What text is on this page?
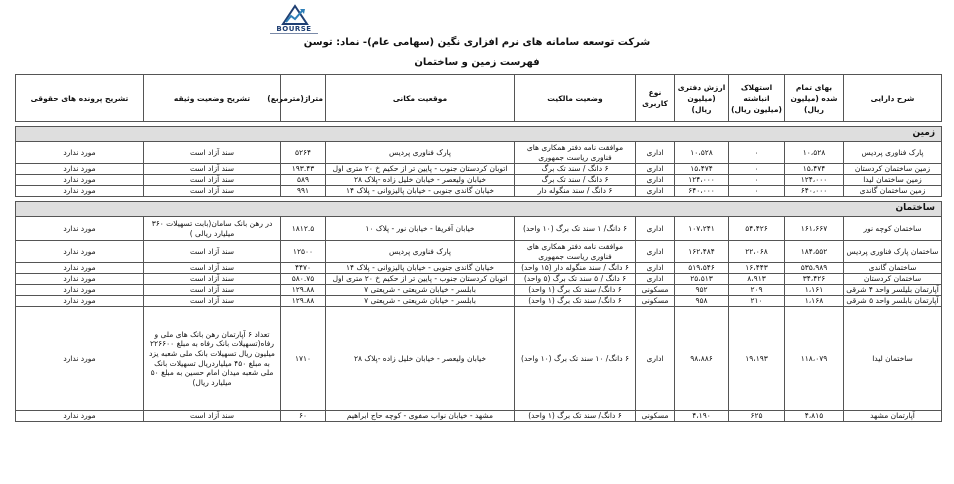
BOURSE
شرکت توسعه سامانه های نرم افزاری نگین (سهامی عام)- نماد: توسن
فهرست زمین و ساختمان
شرح دارایی	بهای تمام شده (میلیون ریال)	استهلاک انباشته (میلیون ریال)	ارزش دفتری (میلیون ریال)	نوع کاربری	وضعیت مالکیت	موقعیت مکانی	متراژ(مترمربع)	تشریح وضعیت وثیقه	تشریح پرونده های حقوقی

زمین									
پارک فناوری پردیس	۱۰،۵۲۸	۰	۱۰،۵۲۸	اداری	موافقت نامه دفتر همکاری های فناوری ریاست جمهوری	پارک فناوری پردیس	۵۲۶۴	سند آزاد است	مورد ندارد
زمین ساختمان کردستان	۱۵،۴۷۴	۰	۱۵،۴۷۴	اداری	۶ دانگ / سند تک برگ	اتوبان کردستان جنوب - پایین تر از حکیم خ ۲۰ متری اول	۱۹۳.۴۳	سند آزاد است	مورد ندارد
زمین ساختمان لیدا	۱۲۴،۰۰۰	۰	۱۲۴،۰۰۰	اداری	۶ دانگ / سند تک برگ	خیابان ولیعصر - خیابان خلیل زاده -پلاک ۲۸	۵۸۹	سند آزاد است	مورد ندارد
زمین ساختمان گاندی	۶۴۰،۰۰۰	۰	۶۴۰،۰۰۰	اداری	۶ دانگ / سند منگوله دار	خیابان گاندی جنوبی - خیابان پالیزوانی - پلاک ۱۴	۹۹۱	سند آزاد است	مورد ندارد

ساختمان									
ساختمان کوچه نور	۱۶۱،۶۶۷	۵۴،۴۲۶	۱۰۷،۲۴۱	اداری	۶ دانگ/ ۱ سند تک برگ (۱۰ واحد)	خیابان آفریقا - خیابان نور - پلاک ۱۰	۱۸۱۲.۵	در رهن بانک سامان(بابت تسهیلات ۳۶۰ میلیارد ریالی )	مورد ندارد
ساختمان پارک فناوری پردیس	۱۸۴،۵۵۲	۲۲،۰۶۸	۱۶۲،۴۸۴	اداری	موافقت نامه دفتر همکاری های فناوری ریاست جمهوری	پارک فناوری پردیس	۱۲۵۰۰	سند آزاد است	مورد ندارد
ساختمان گاندی	۵۳۵،۹۸۹	۱۶،۴۴۳	۵۱۹،۵۴۶	اداری	۶ دانگ / سند منگوله دار (۱۵ واحد)	خیابان گاندی جنوبی - خیابان پالیزوانی - پلاک ۱۴	۴۴۷۰	سند آزاد است	مورد ندارد
ساختمان کردستان	۳۴،۴۲۶	۸،۹۱۳	۲۵،۵۱۳	اداری	۶ دانگ / ۵ سند تک برگ (۵ واحد)	اتوبان کردستان جنوب - پایین تر از حکیم خ ۲۰ متری اول	۵۸۰.۷۵	سند آزاد است	مورد ندارد
آپارتمان بلیلسر واحد ۴ شرقی	۱،۱۶۱	۲۰۹	۹۵۲	مسکونی	۶ دانگ/ سند تک برگ (۱ واحد)	بابلسر - خیابان شریعتی - شریعتی ۷	۱۲۹.۸۸	سند آزاد است	مورد ندارد
آپارتمان بابلسر واحد ۵ شرقی	۱،۱۶۸	۲۱۰	۹۵۸	مسکونی	۶ دانگ/ سند تک برگ (۱ واحد)	بابلسر - خیابان شریعتی - شریعتی ۷	۱۲۹.۸۸	سند آزاد است	مورد ندارد
ساختمان لیدا	۱۱۸،۰۷۹	۱۹،۱۹۳	۹۸،۸۸۶	اداری	۶ دانگ/ ۱۰ سند تک برگ (۱۰ واحد)	خیابان ولیعصر - خیابان خلیل زاده -پلاک ۲۸	۱۷۱۰	تعداد ۶ آپارتمان رهن بانک های ملی و رفاه(تسهیلات بانک رفاه به مبلغ ۲۲۶۶۰۰ میلیون ریال تسهیلات بانک ملی شعبه یزد به مبلغ ۴۵۰ میلیاردریال تسهیلات بانک ملی شعبه میدان امام حسین به مبلغ ۵۰ میلیارد ریال)	مورد ندارد
آپارتمان مشهد	۴،۸۱۵	۶۲۵	۴،۱۹۰	مسکونی	۶ دانگ/ سند تک برگ (۱ واحد)	مشهد - خیابان نواب صفوی - کوچه حاج ابراهیم	۶۰	سند آزاد است	مورد ندارد
